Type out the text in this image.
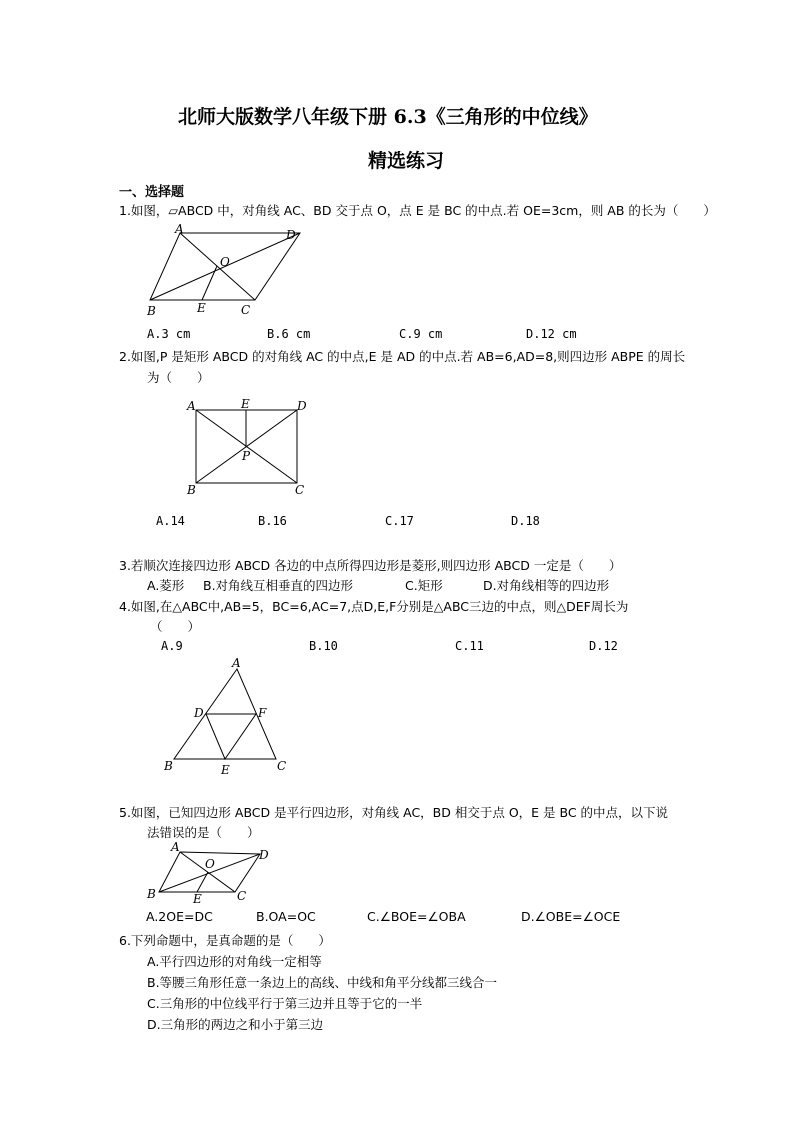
北师大版数学八年级下册 6.3《三角形的中位线》
精选练习
一、选择题
1.如图，▱ABCD 中，对角线 AC、BD 交于点 O，点 E 是 BC 的中点.若 OE=3cm，则 AB 的长为（　　）
A	D
O
B	E	C
A.3 cm	B.6 cm	C.9 cm	D.12 cm
2.如图,P 是矩形 ABCD 的对角线 AC 的中点,E 是 AD 的中点.若 AB=6,AD=8,则四边形 ABPE 的周长
为（　　）
A	E	D
P
B	C
A.14	B.16	C.17	D.18
3.若顺次连接四边形 ABCD 各边的中点所得四边形是菱形,则四边形 ABCD 一定是（　　）
A.菱形 B.对角线互相垂直的四边形	C.矩形	D.对角线相等的四边形
4.如图,在△ABC中,AB=5，BC=6,AC=7,点D,E,F分别是△ABC三边的中点，则△DEF周长为
（　　）
A.9	B.10	C.11	D.12
A
D	F
B	E	C
5.如图，已知四边形 ABCD 是平行四边形，对角线 AC，BD 相交于点 O，E 是 BC 的中点，以下说
法错误的是（　　）
A
D
O
B	E	C
A.2OE=DC	B.OA=OC	C.∠BOE=∠OBA	D.∠OBE=∠OCE
6.下列命题中，是真命题的是（　　）
A.平行四边形的对角线一定相等
B.等腰三角形任意一条边上的高线、中线和角平分线都三线合一
C.三角形的中位线平行于第三边并且等于它的一半
D.三角形的两边之和小于第三边
